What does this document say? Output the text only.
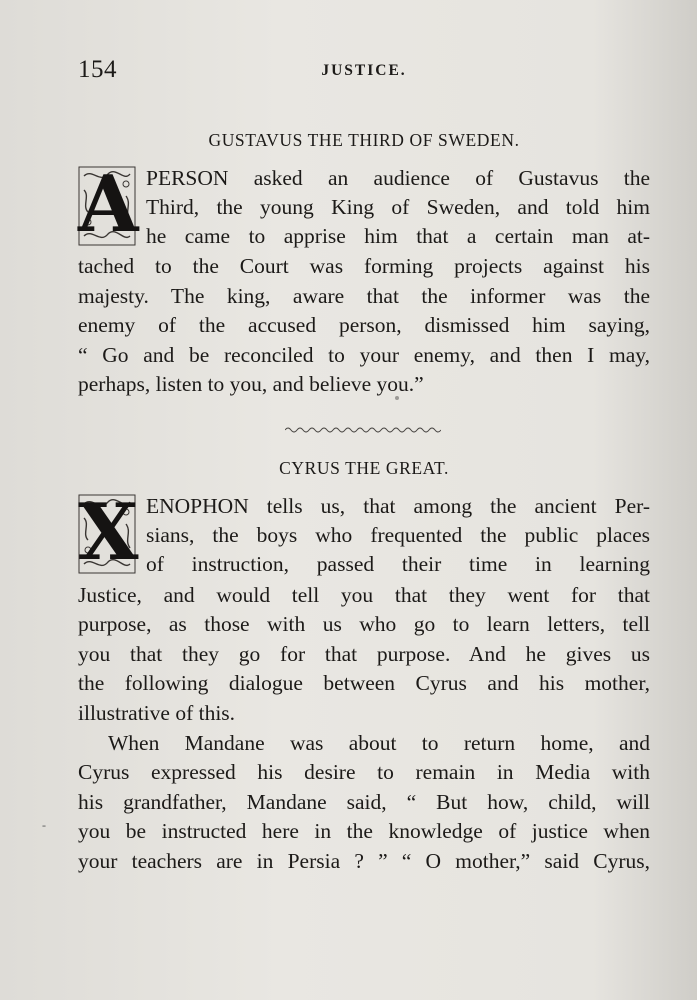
154	JUSTICE.
GUSTAVUS THE THIRD OF SWEDEN.
A PERSON asked an audience of Gustavus the
Third, the young King of Sweden, and told him
he came to apprise him that a certain man at-
tached to the Court was forming projects against his
majesty. The king, aware that the informer was the
enemy of the accused person, dismissed him saying,
“ Go and be reconciled to your enemy, and then I may,
perhaps, listen to you, and believe you.”
CYRUS THE GREAT.
X ENOPHON tells us, that among the ancient Per-
sians, the boys who frequented the public places
of instruction, passed their time in learning
Justice, and would tell you that they went for that
purpose, as those with us who go to learn letters, tell
you that they go for that purpose. And he gives us
the following dialogue between Cyrus and his mother,
illustrative of this.
When Mandane was about to return home, and
Cyrus expressed his desire to remain in Media with
his grandfather, Mandane said, “ But how, child, will
you be instructed here in the knowledge of justice when
your teachers are in Persia ? ” “ O mother,” said Cyrus,
-
